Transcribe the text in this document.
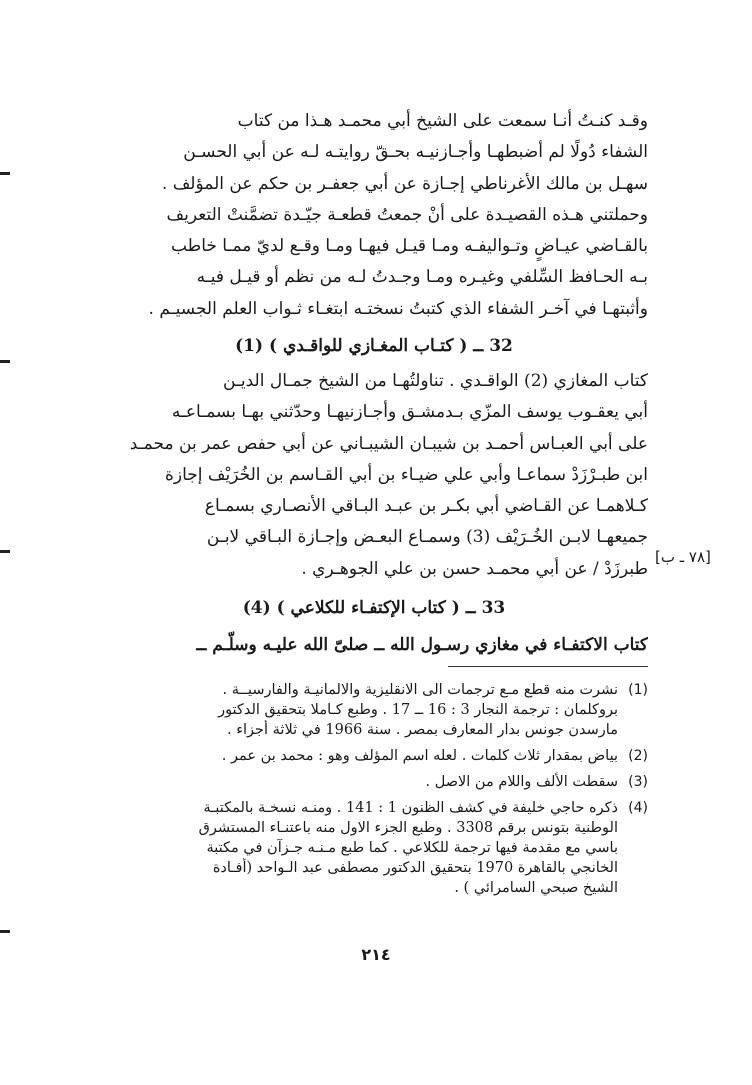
وقـد كنـتُ أنـا سمعت على الشيخ أبي محمـد هـذا من كتاب
الشفاء دُولًا لم أضبطهـا وأجـازنيـه بحـقّ روايتـه لـه عن أبي الحسـن
سهـل بن مالك الأغرناطي إجـازة عن أبي جعفـر بن حكم عن المؤلف .
وحملتني هـذه القصيـدة على أنْ جمعتُ قطعـة جيّـدة تضمَّنتْ التعريف
بالقـاضي عيـاضٍ وتـواليفـه ومـا قيـل فيهـا ومـا وقـع لديّ ممـا خاطب
بـه الحـافظ السِّلفي وغيـره ومـا وجـدتُ لـه من نظم أو قيـل فيـه
وأثبتهـا في آخـر الشفاء الذي كتبتُ نسختـه ابتغـاء ثـواب العلم الجسيـم .
32 ــ ( كتـاب المغـازي للواقـدي ) (1)
كتاب المغازي (2) الواقـدي . تناولتُهـا من الشيخ جمـال الديـن
أبي يعقـوب يوسف المزّي بـدمشـق وأجـازنيهـا وحدّثني بهـا بسمـاعـه
على أبي العبـاس أحمـد بن شيبـان الشيبـاني عن أبي حفص عمر بن محمـد
ابن طبـرْزَدْ سماعـا وأبي علي ضيـاء بن أبي القـاسم بن الخُرَيْف إجازة
كـلاهمـا عن القـاضي أبي بكـر بن عبـد البـاقي الأنصـاري بسمـاع
جميعهـا لابـن الخُـرَيْف (3) وسمـاع البعـض وإجـازة البـاقي لابـن
طبرزَدْ / عن أبي محمـد حسن بن علي الجوهـري .
[٧٨ ـ ب]
33 ــ ( كتاب الإكتفـاء للكلاعي ) (4)
كتاب الاكتفـاء في مغازي رسـول الله ــ صلىّ الله عليـه وسلّـم ــ
(1)
نشرت منه قطع مـع ترجمات الى الانقليزية والالمانيـة والفارسيــة .
بروكلمان : ترجمة النجار 3 : 16 ــ 17 . وطبع كـاملا بتحقيق الدكتور
مارسدن جونس بدار المعارف بمصر . سنة 1966 في ثلاثة أجزاء .
(2)
بياض بمقدار ثلاث كلمات . لعله اسم المؤلف وهو : محمد بن عمر .
(3)
سقطت الألف واللام من الاصل .
(4)
ذكره حاجي خليفة في كشف الظنون 1 : 141 . ومنـه نسخـة بالمكتبـة
الوطنية بتونس برقم 3308 . وطبع الجزء الاول منه باعتنـاء المستشرق
باسي مع مقدمة فيها ترجمة للكلاعي . كما طبع مـنـه جـزآن في مكتبة
الخانجي بالقاهرة 1970 بتحقيق الدكتور مصطفى عبد الـواحد (أفـادة
الشيخ صبحي السامرائي ) .
٢١٤
